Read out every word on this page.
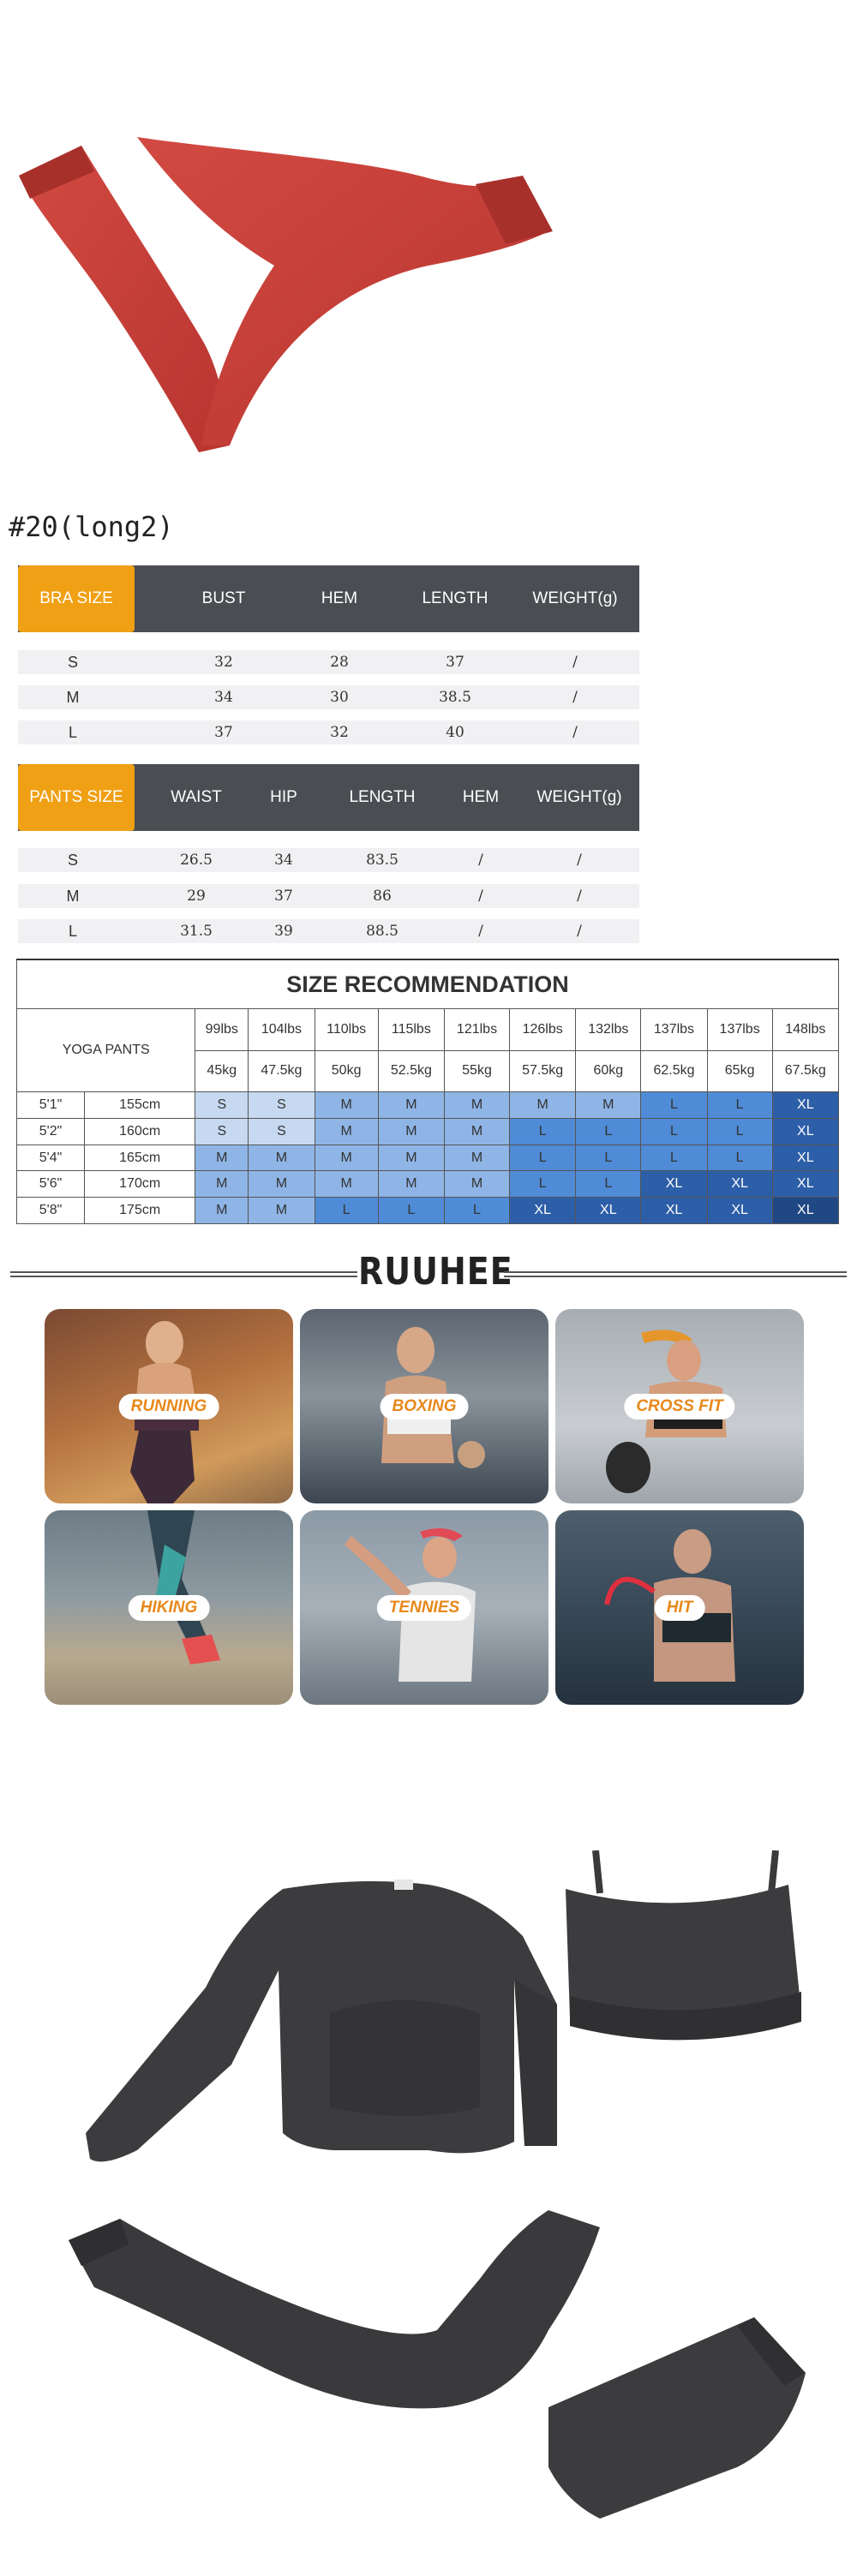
#20(long2)
BUST	HEM	LENGTH	WEIGHT(g)
BRA SIZE
S	32	28	37	/
M	34	30	38.5	/
L	37	32	40	/
WAIST	HIP	LENGTH	HEM	WEIGHT(g)
PANTS SIZE
S	26.5	34	83.5	/	/
M	29	37	86	/	/
L	31.5	39	88.5	/	/
SIZE RECOMMENDATION											
YOGA PANTS		99lbs	104lbs	110lbs	115lbs	121lbs	126lbs	132lbs	137lbs	137lbs	148lbs
		45kg	47.5kg	50kg	52.5kg	55kg	57.5kg	60kg	62.5kg	65kg	67.5kg
5'1"	155cm	S	S	M	M	M	M	M	L	L	XL
5'2"	160cm	S	S	M	M	M	L	L	L	L	XL
5'4"	165cm	M	M	M	M	M	L	L	L	L	XL
5'6"	170cm	M	M	M	M	M	L	L	XL	XL	XL
5'8"	175cm	M	M	L	L	L	XL	XL	XL	XL	XL
RUUHEE
RUNNING	BOXING	CROSS FIT
HIKING	TENNIES	HIT
